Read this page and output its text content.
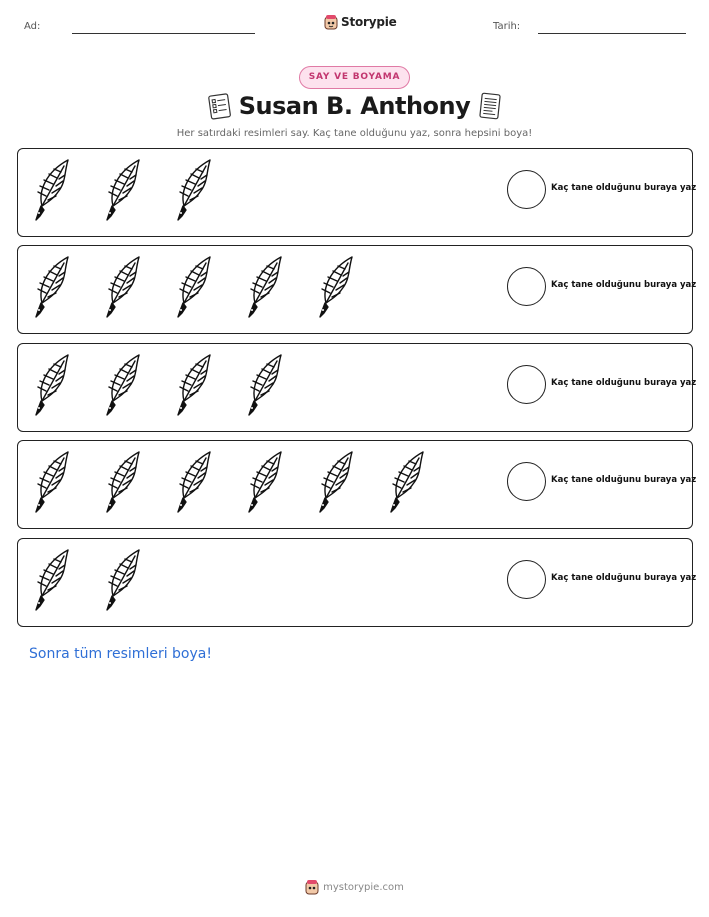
Ad:	Storypie	Tarih:
SAY VE BOYAMA
Susan B. Anthony
Her satırdaki resimleri say. Kaç tane olduğunu yaz, sonra hepsini boya!
Kaç tane olduğunu buraya yaz
Kaç tane olduğunu buraya yaz
Kaç tane olduğunu buraya yaz
Kaç tane olduğunu buraya yaz
Kaç tane olduğunu buraya yaz
Sonra tüm resimleri boya!
mystorypie.com
